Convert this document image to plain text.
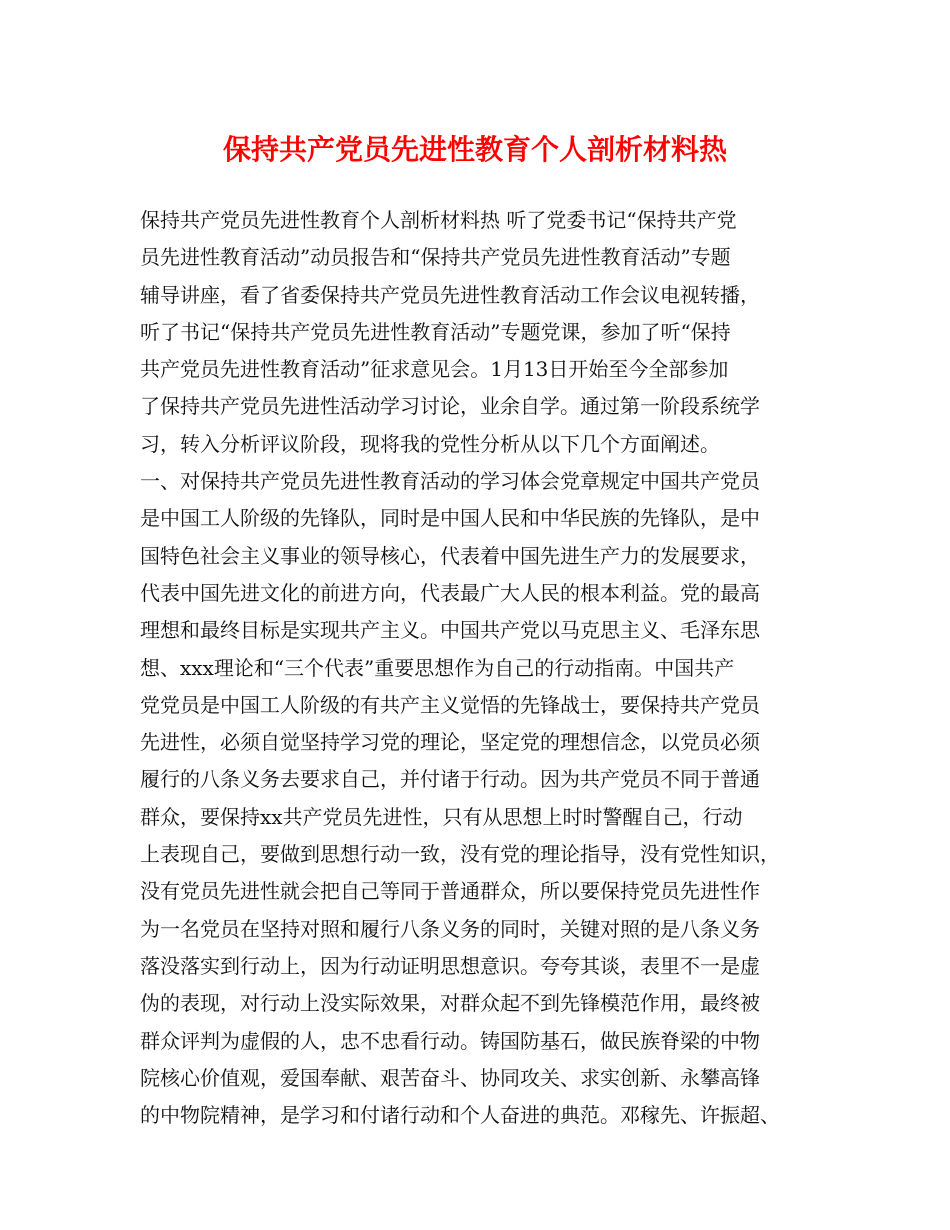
保持共产党员先进性教育个人剖析材料热
保持共产党员先进性教育个人剖析材料热 听了党委书记“保持共产党
员先进性教育活动”动员报告和“保持共产党员先进性教育活动”专题
辅导讲座，看了省委保持共产党员先进性教育活动工作会议电视转播，
听了书记“保持共产党员先进性教育活动”专题党课，参加了听“保持
共产党员先进性教育活动”征求意见会。1月13日开始至今全部参加
了保持共产党员先进性活动学习讨论，业余自学。通过第一阶段系统学
习，转入分析评议阶段，现将我的党性分析从以下几个方面阐述。
一、对保持共产党员先进性教育活动的学习体会党章规定中国共产党员
是中国工人阶级的先锋队，同时是中国人民和中华民族的先锋队，是中
国特色社会主义事业的领导核心，代表着中国先进生产力的发展要求，
代表中国先进文化的前进方向，代表最广大人民的根本利益。党的最高
理想和最终目标是实现共产主义。中国共产党以马克思主义、毛泽东思
想、xxx理论和“三个代表”重要思想作为自己的行动指南。中国共产
党党员是中国工人阶级的有共产主义觉悟的先锋战士，要保持共产党员
先进性，必须自觉坚持学习党的理论，坚定党的理想信念，以党员必须
履行的八条义务去要求自己，并付诸于行动。因为共产党员不同于普通
群众，要保持xx共产党员先进性，只有从思想上时时警醒自己，行动
上表现自己，要做到思想行动一致，没有党的理论指导，没有党性知识，
没有党员先进性就会把自己等同于普通群众，所以要保持党员先进性作
为一名党员在坚持对照和履行八条义务的同时，关键对照的是八条义务
落没落实到行动上，因为行动证明思想意识。夸夸其谈，表里不一是虚
伪的表现，对行动上没实际效果，对群众起不到先锋模范作用，最终被
群众评判为虚假的人，忠不忠看行动。铸国防基石，做民族脊梁的中物
院核心价值观，爱国奉献、艰苦奋斗、协同攻关、求实创新、永攀高锋
的中物院精神，是学习和付诸行动和个人奋进的典范。邓稼先、许振超、
